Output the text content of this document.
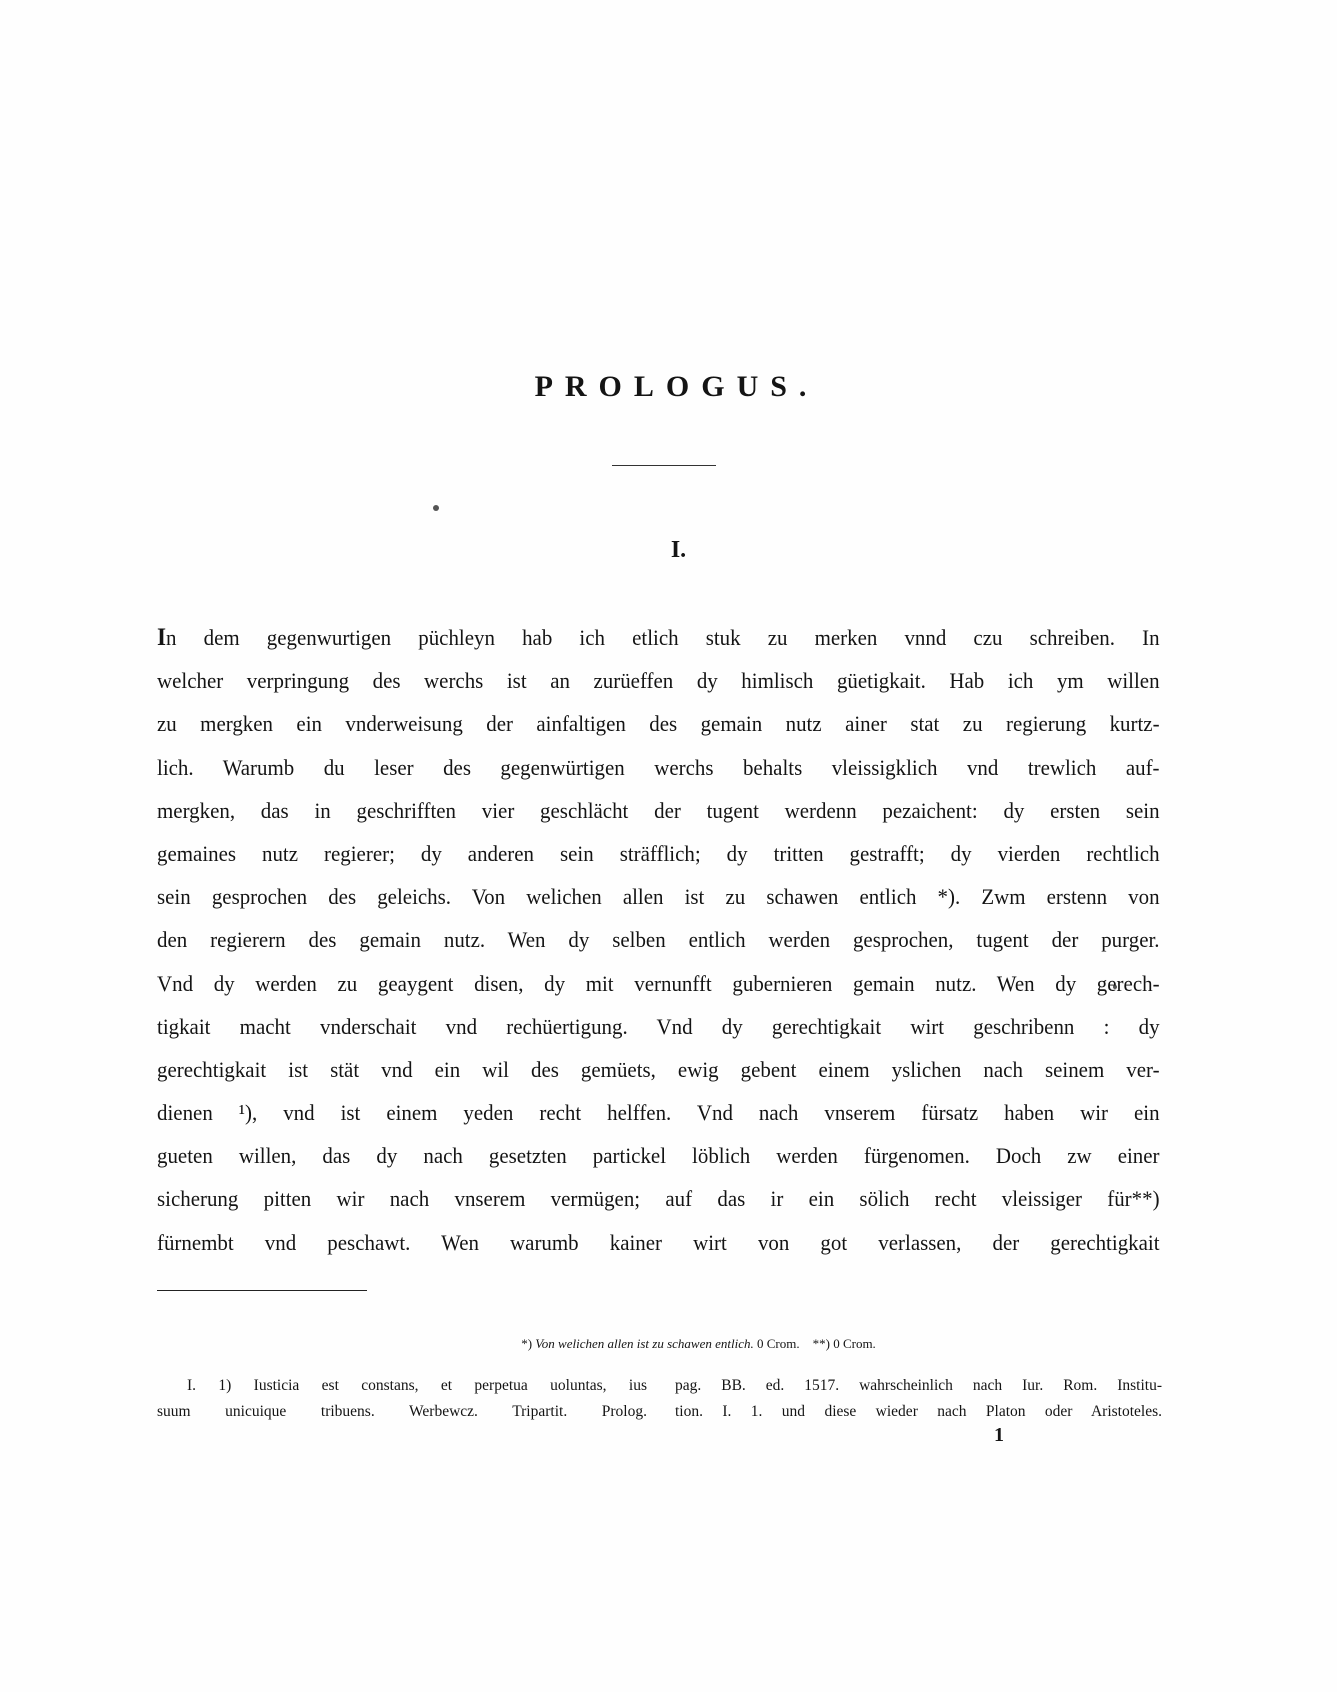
PROLOGUS.
I.
In dem gegenwurtigen püchleyn hab ich etlich stuk zu merken vnnd czu schreiben. In
welcher verpringung des werchs ist an zurüeffen dy himlisch güetigkait. Hab ich ym willen
zu mergken ein vnderweisung der ainfaltigen des gemain nutz ainer stat zu regierung kurtz-
lich. Warumb du leser des gegenwürtigen werchs behalts vleissigklich vnd trewlich auf-
mergken, das in geschrifften vier geschlächt der tugent werdenn pezaichent: dy ersten sein
gemaines nutz regierer; dy anderen sein sträfflich; dy tritten gestrafft; dy vierden rechtlich
sein gesprochen des geleichs. Von welichen allen ist zu schawen entlich *). Zwm erstenn von
den regierern des gemain nutz. Wen dy selben entlich werden gesprochen, tugent der purger.
Vnd dy werden zu geaygent disen, dy mit vernunfft gubernieren gemain nutz. Wen dy gerech-
tigkait macht vnderschait vnd rechüertigung. Vnd dy gerechtigkait wirt geschribenn : dy
gerechtigkait ist stät vnd ein wil des gemüets, ewig gebent einem yslichen nach seinem ver-
dienen ¹), vnd ist einem yeden recht helffen. Vnd nach vnserem fürsatz haben wir ein
gueten willen, das dy nach gesetzten partickel löblich werden fürgenomen. Doch zw einer
sicherung pitten wir nach vnserem vermügen; auf das ir ein sölich recht vleissiger für**)
fürnembt vnd peschawt. Wen warumb kainer wirt von got verlassen, der gerechtigkait
*) Von welichen allen ist zu schawen entlich. 0 Crom. **) 0 Crom.
I. 1) Iusticia est constans, et perpetua uoluntas, ius
suum unicuique tribuens. Werbewcz. Tripartit. Prolog.
pag. BB. ed. 1517. wahrscheinlich nach Iur. Rom. Institu-
tion. I. 1. und diese wieder nach Platon oder Aristoteles.
1
